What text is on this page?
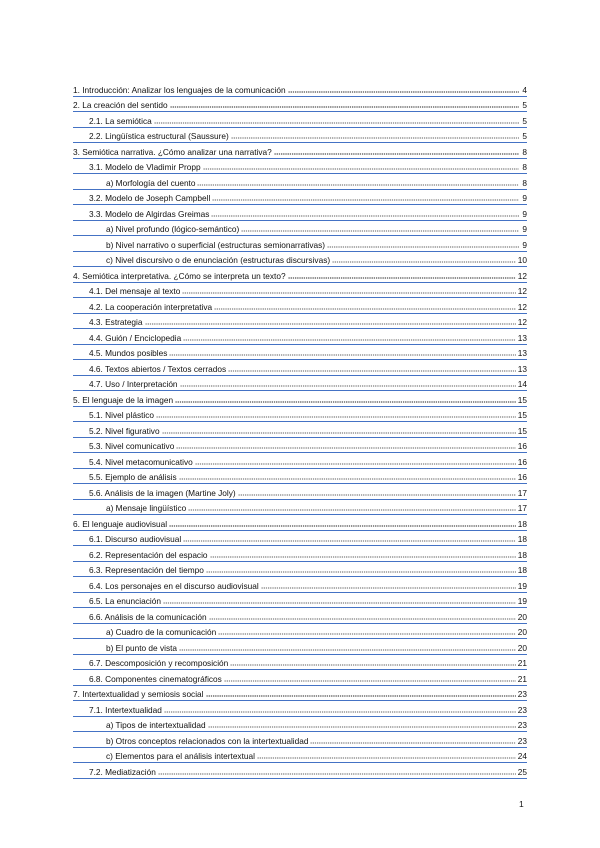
1. Introducción: Analizar los lenguajes de la comunicación	4
2. La creación del sentido	5
2.1. La semiótica	5
2.2. Lingüística estructural (Saussure)	5
3. Semiótica narrativa. ¿Cómo analizar una narrativa?	8
3.1. Modelo de Vladimir Propp	8
a) Morfología del cuento	8
3.2. Modelo de Joseph Campbell	9
3.3. Modelo de Algirdas Greimas	9
a) Nivel profundo (lógico-semántico)	9
b) Nivel narrativo o superficial (estructuras semionarrativas)	9
c) Nivel discursivo o de enunciación (estructuras discursivas)	10
4. Semiótica interpretativa. ¿Cómo se interpreta un texto?	12
4.1. Del mensaje al texto	12
4.2. La cooperación interpretativa	12
4.3. Estrategia	12
4.4. Guión / Enciclopedia	13
4.5. Mundos posibles	13
4.6. Textos abiertos / Textos cerrados	13
4.7. Uso / Interpretación	14
5. El lenguaje de la imagen	15
5.1. Nivel plástico	15
5.2. Nivel figurativo	15
5.3. Nivel comunicativo	16
5.4. Nivel metacomunicativo	16
5.5. Ejemplo de análisis	16
5.6. Análisis de la imagen (Martine Joly)	17
a) Mensaje lingüístico	17
6. El lenguaje audiovisual	18
6.1. Discurso audiovisual	18
6.2. Representación del espacio	18
6.3. Representación del tiempo	18
6.4. Los personajes en el discurso audiovisual	19
6.5. La enunciación	19
6.6. Análisis de la comunicación	20
a) Cuadro de la comunicación	20
b) El punto de vista	20
6.7. Descomposición y recomposición	21
6.8. Componentes cinematográficos	21
7. Intertextualidad y semiosis social	23
7.1. Intertextualidad	23
a) Tipos de intertextualidad	23
b) Otros conceptos relacionados con la intertextualidad	23
c) Elementos para el análisis intertextual	24
7.2. Mediatización	25
1
